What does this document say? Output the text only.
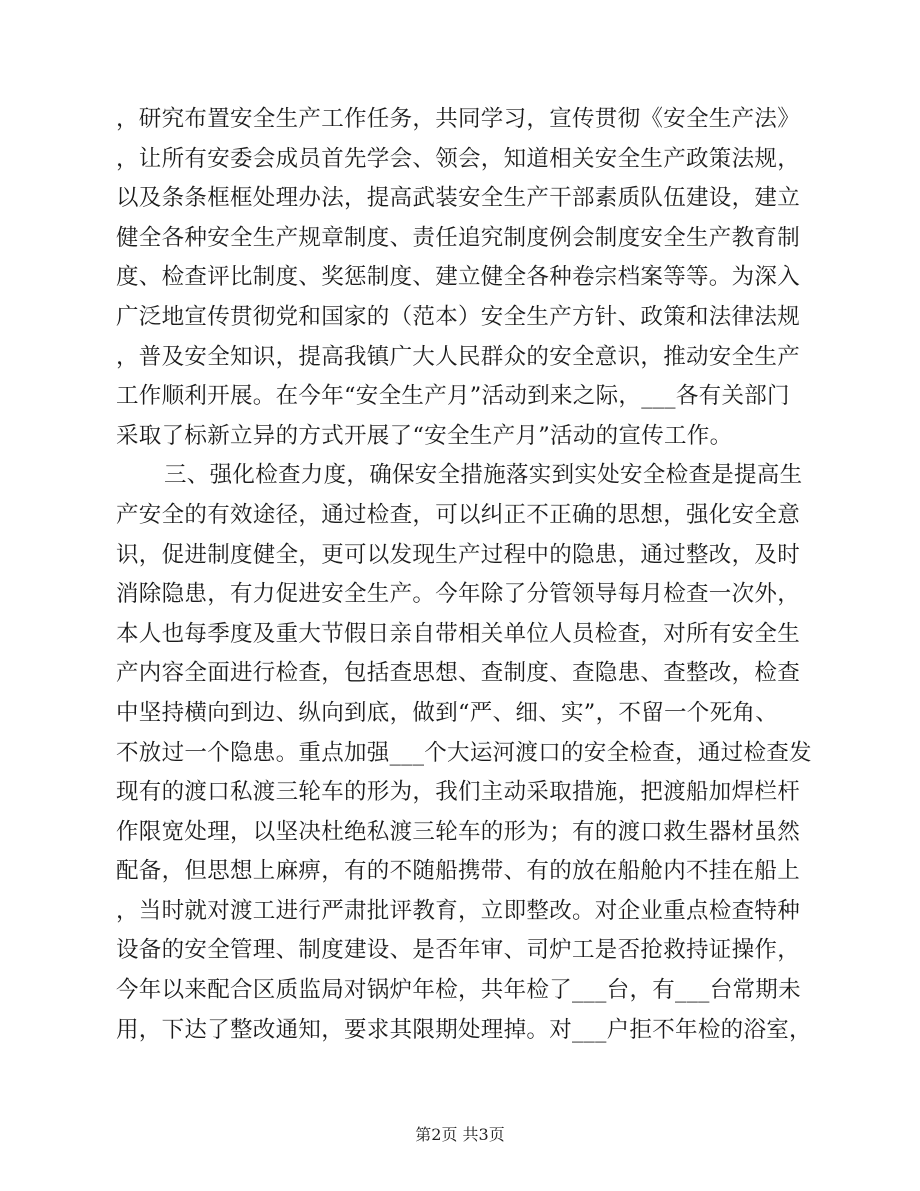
，研究布置安全生产工作任务，共同学习，宣传贯彻《安全生产法》
，让所有安委会成员首先学会、领会，知道相关安全生产政策法规，
以及条条框框处理办法，提高武装安全生产干部素质队伍建设，建立
健全各种安全生产规章制度、责任追究制度例会制度安全生产教育制
度、检查评比制度、奖惩制度、建立健全各种卷宗档案等等。为深入
广泛地宣传贯彻党和国家的（范本）安全生产方针、政策和法律法规
，普及安全知识，提高我镇广大人民群众的安全意识，推动安全生产
工作顺利开展。在今年“安全生产月”活动到来之际，___各有关部门
采取了标新立异的方式开展了“安全生产月”活动的宣传工作。
三、强化检查力度，确保安全措施落实到实处安全检查是提高生
产安全的有效途径，通过检查，可以纠正不正确的思想，强化安全意
识，促进制度健全，更可以发现生产过程中的隐患，通过整改，及时
消除隐患，有力促进安全生产。今年除了分管领导每月检查一次外，
本人也每季度及重大节假日亲自带相关单位人员检查，对所有安全生
产内容全面进行检查，包括查思想、查制度、查隐患、查整改，检查
中坚持横向到边、纵向到底，做到“严、细、实”，不留一个死角、
不放过一个隐患。重点加强___个大运河渡口的安全检查，通过检查发
现有的渡口私渡三轮车的形为，我们主动采取措施，把渡船加焊栏杆
作限宽处理，以坚决杜绝私渡三轮车的形为；有的渡口救生器材虽然
配备，但思想上麻痹，有的不随船携带、有的放在船舱内不挂在船上
，当时就对渡工进行严肃批评教育，立即整改。对企业重点检查特种
设备的安全管理、制度建设、是否年审、司炉工是否抢救持证操作，
今年以来配合区质监局对锅炉年检，共年检了___台，有___台常期未
用，下达了整改通知，要求其限期处理掉。对___户拒不年检的浴室，
第2页 共3页
